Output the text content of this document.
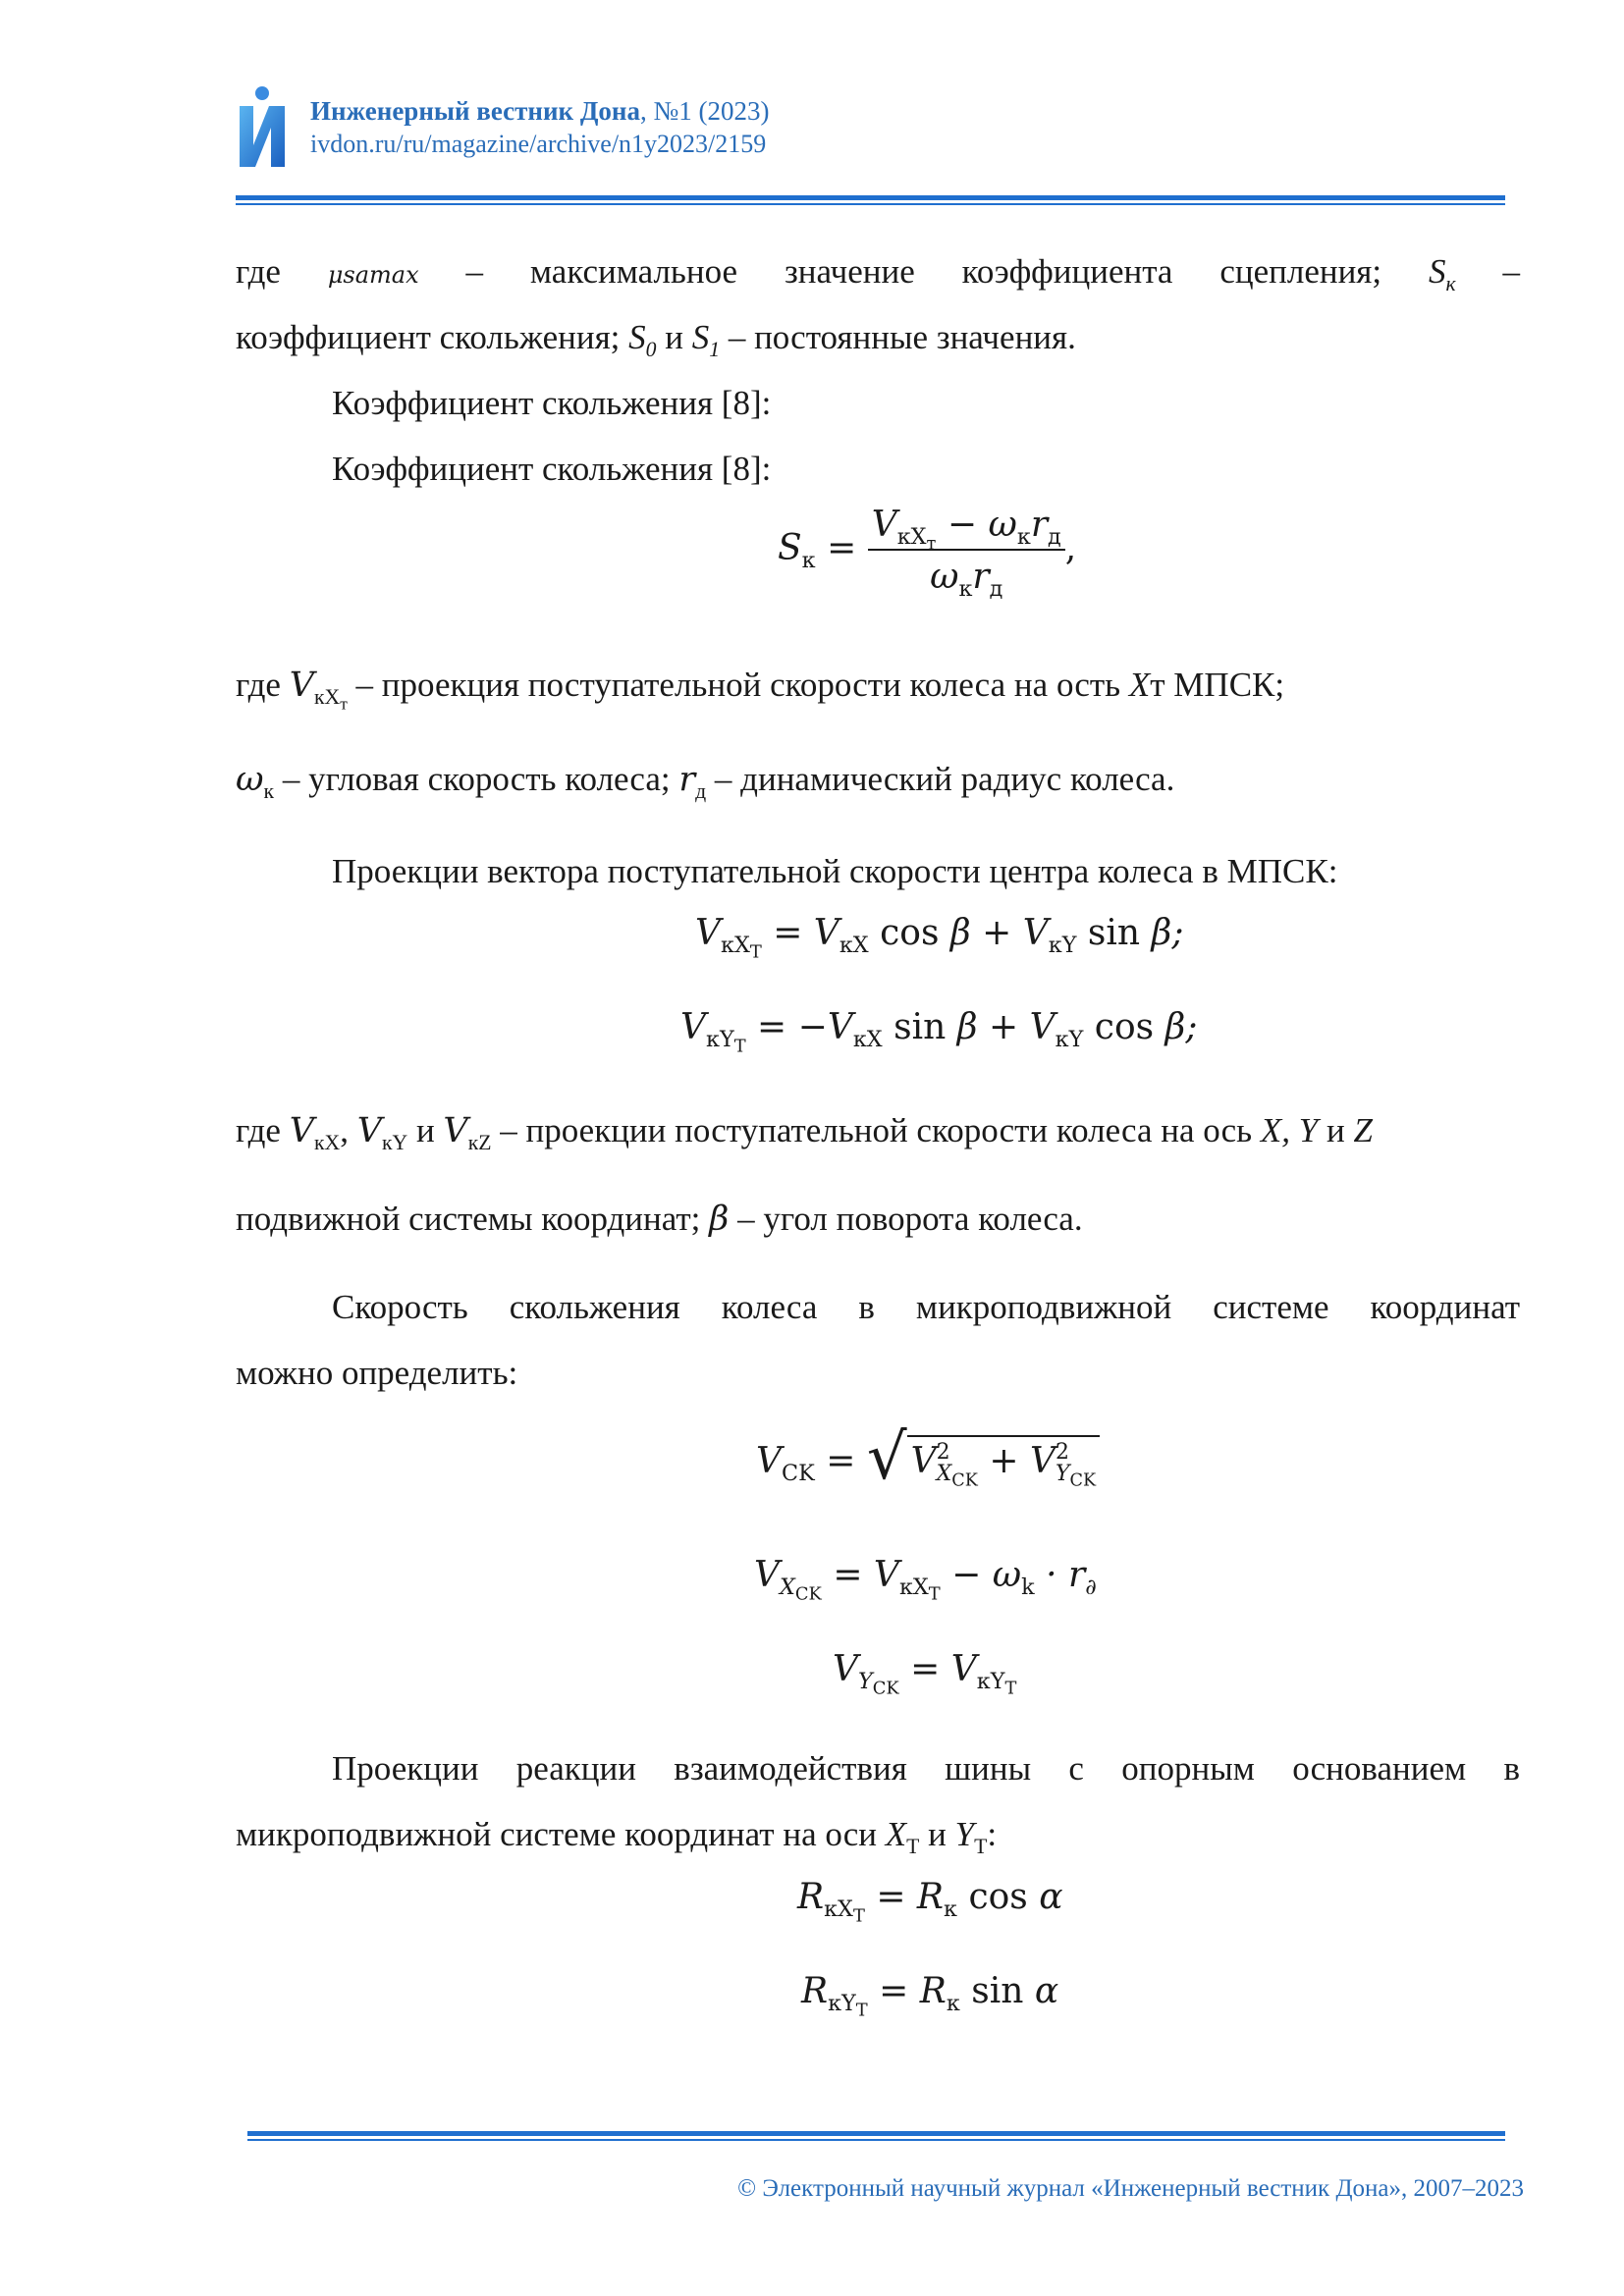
Инженерный вестник Дона, №1 (2023)
ivdon.ru/ru/magazine/archive/n1y2023/2159
где μsamax – максимальное значение коэффициента сцепления; $S_к$ –
коэффициент скольжения; $S_0$ и $S_1$ – постоянные значения.
Коэффициент скольжения [8]:
Коэффициент скольжения [8]:
$S_к = \frac{V_{кX_т} - \omega_кr_д}{\omega_кr_д}$ ,
где $V_{кX_т}$ – проекция поступательной скорости колеса на ость Xт МПСК;
$\omega_к$ – угловая скорость колеса; $r_д$ – динамический радиус колеса.
Проекции вектора поступательной скорости центра колеса в МПСК:
$V_{кX_T} = V_{кX}$ $\cos \beta + V_{кY}$ sin β;
$V_{кY_T} = -V_{кX}$ $\sin \beta + V_{кY}$ cos β;
где $V_{кX}$, $V_{кY}$ и $V_{кZ}$ – проекции поступательной скорости колеса на ось X, Y и Z
подвижной системы координат; β – угол поворота колеса.
Скорость скольжения колеса в микроподвижной системе координат
можно определить:
$V_{CK}$ = √ V 2
$X_{CK} + V$ 2
$Y_{CK}$
$V_{X_{CK}} = V_{кX_T} - \omega_k \cdot r_\partial$
$V_{Y_{CK}} = V_{кY_T}$
Проекции реакции взаимодействия шины с опорным основанием в
микроподвижной системе координат на оси $X_Т$ и $Y_Т$:
$R_{кX_T} = R_к$ cos α
$R_{кY_T} = R_к$ sin α
© Электронный научный журнал «Инженерный вестник Дона», 2007–2023
